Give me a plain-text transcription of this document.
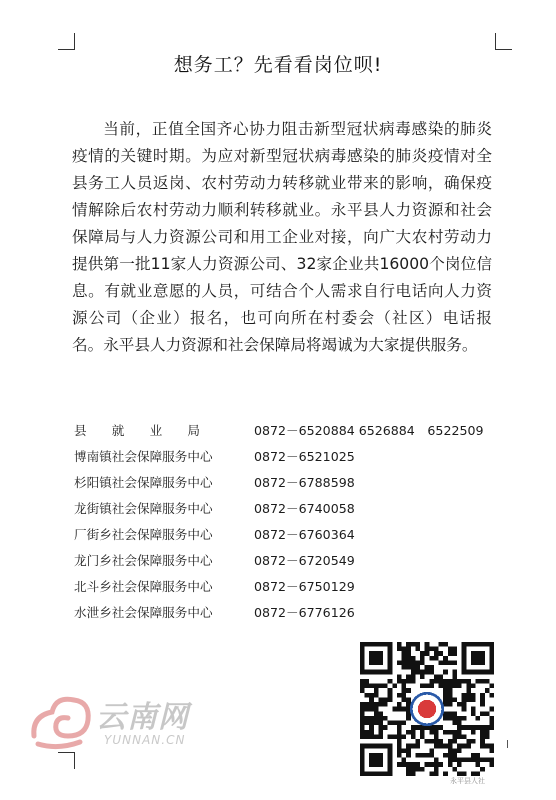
想务工？先看看岗位呗!
当前，正值全国齐心协力阻击新型冠状病毒感染的肺炎疫情的关键时期。为应对新型冠状病毒感染的肺炎疫情对全县务工人员返岗、农村劳动力转移就业带来的影响，确保疫情解除后农村劳动力顺利转移就业。永平县人力资源和社会保障局与人力资源公司和用工企业对接，向广大农村劳动力提供第一批11家人力资源公司、32家企业共16000个岗位信息。有就业意愿的人员，可结合个人需求自行电话向人力资源公司（企业）报名，也可向所在村委会（社区）电话报名。永平县人力资源和社会保障局将竭诚为大家提供服务。
县　　就　　业　　局	0872－6520884 6526884　6522509
博南镇社会保障服务中心	0872－6521025
杉阳镇社会保障服务中心	0872－6788598
龙街镇社会保障服务中心	0872－6740058
厂街乡社会保障服务中心	0872－6760364
龙门乡社会保障服务中心	0872－6720549
北斗乡社会保障服务中心	0872－6750129
水泄乡社会保障服务中心	0872－6776126
云南网
YUNNAN.CN
永平县人社
